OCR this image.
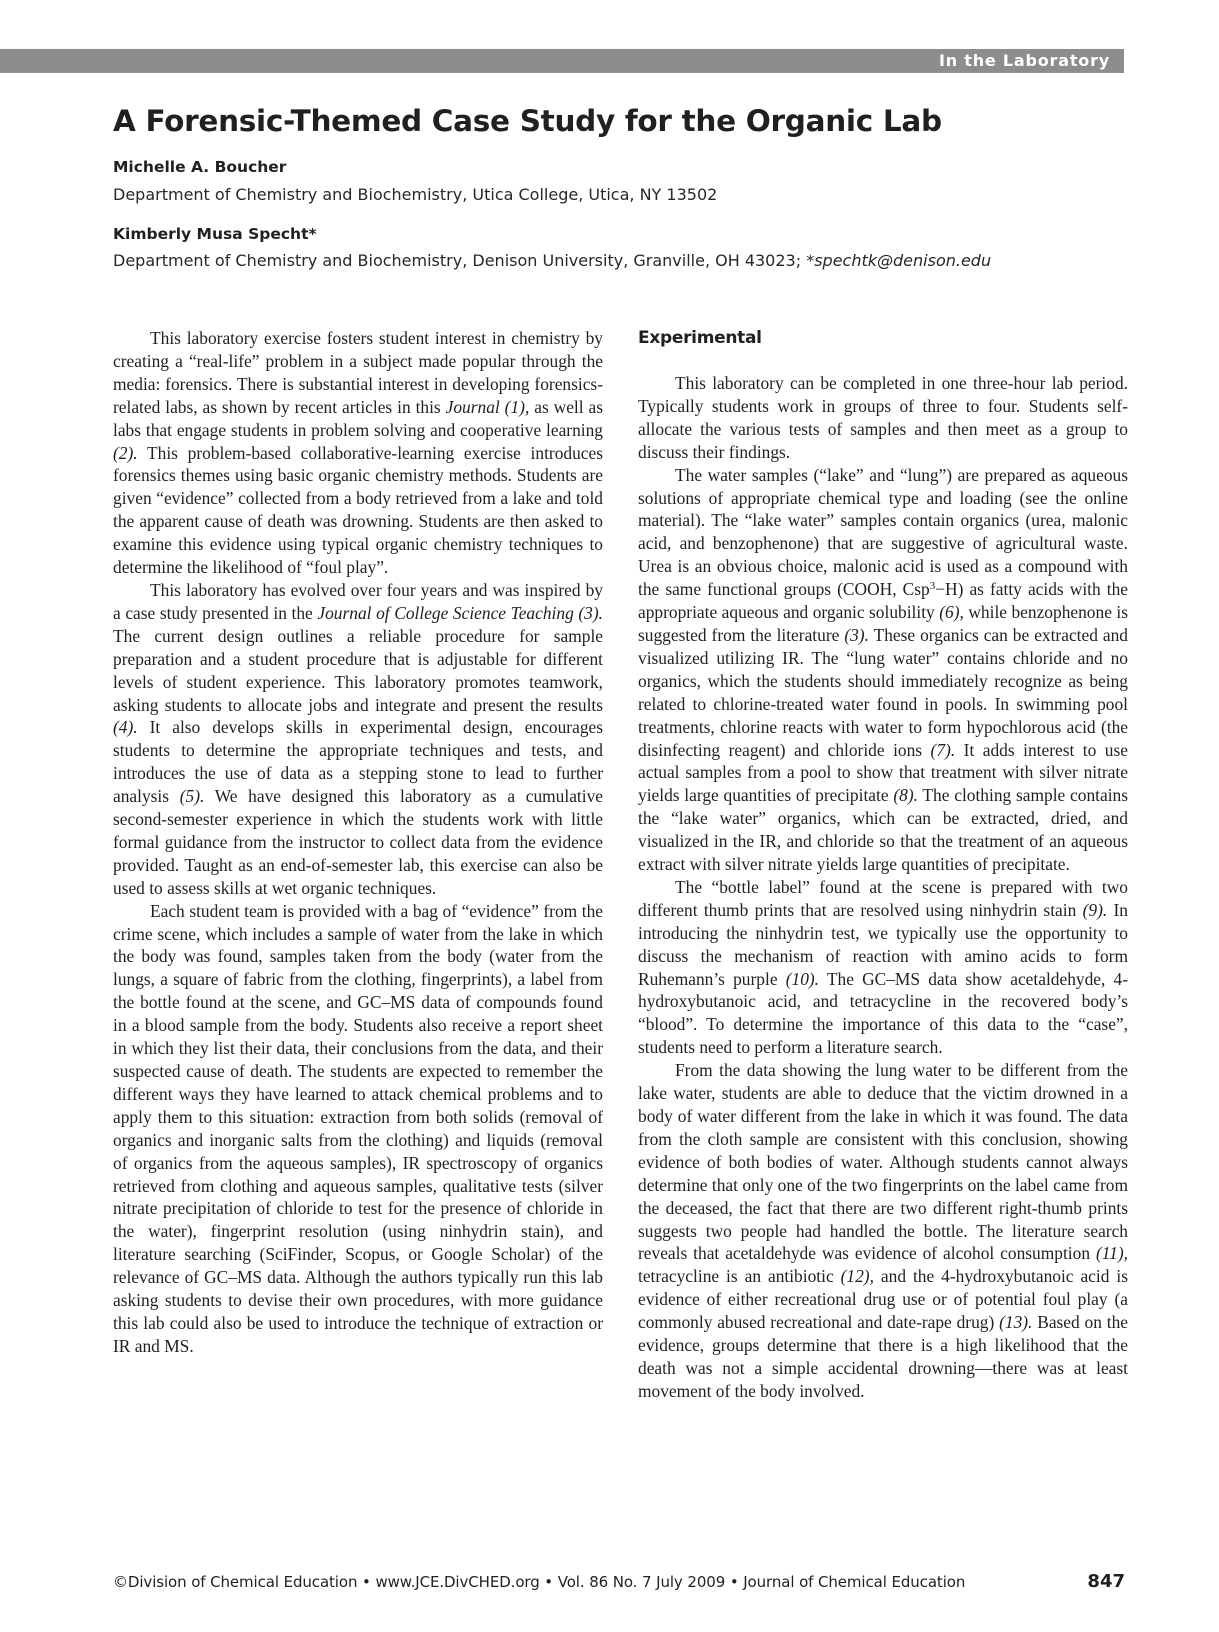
In the Laboratory
A Forensic-Themed Case Study for the Organic Lab
Michelle A. Boucher
Department of Chemistry and Biochemistry, Utica College, Utica, NY 13502
Kimberly Musa Specht*
Department of Chemistry and Biochemistry, Denison University, Granville, OH 43023; *spechtk@denison.edu

This laboratory exercise fosters student interest in chemistry by creating a “real-life” problem in a subject made popular through the media: forensics. There is substantial interest in developing forensics-related labs, as shown by recent articles in this Journal (1), as well as labs that engage students in problem solving and cooperative learning (2). This problem-based collaborative-learning exercise introduces forensics themes using basic organic chemistry methods. Students are given “evidence” collected from a body retrieved from a lake and told the apparent cause of death was drowning. Students are then asked to examine this evidence using typical organic chemistry techniques to determine the likelihood of “foul play”.

This laboratory has evolved over four years and was inspired by a case study presented in the Journal of College Science Teaching (3). The current design outlines a reliable procedure for sample preparation and a student procedure that is adjustable for different levels of student experience. This laboratory promotes teamwork, asking students to allocate jobs and integrate and present the results (4). It also develops skills in experimental design, encourages students to determine the appropriate techniques and tests, and introduces the use of data as a stepping stone to lead to further analysis (5). We have designed this laboratory as a cumulative second-semester experience in which the students work with little formal guidance from the instructor to collect data from the evidence provided. Taught as an end-of-semester lab, this exercise can also be used to assess skills at wet organic techniques.

Each student team is provided with a bag of “evidence” from the crime scene, which includes a sample of water from the lake in which the body was found, samples taken from the body (water from the lungs, a square of fabric from the clothing, fingerprints), a label from the bottle found at the scene, and GC–MS data of compounds found in a blood sample from the body. Students also receive a report sheet in which they list their data, their conclusions from the data, and their suspected cause of death. The students are expected to remember the different ways they have learned to attack chemical problems and to apply them to this situation: extraction from both solids (removal of organics and inorganic salts from the clothing) and liquids (removal of organics from the aqueous samples), IR spectroscopy of organics retrieved from clothing and aqueous samples, qualitative tests (silver nitrate precipitation of chloride to test for the presence of chloride in the water), fingerprint resolution (using ninhydrin stain), and literature searching (SciFinder, Scopus, or Google Scholar) of the relevance of GC–MS data. Although the authors typically run this lab asking students to devise their own procedures, with more guidance this lab could also be used to introduce the technique of extraction or IR and MS.

Experimental

This laboratory can be completed in one three-hour lab period. Typically students work in groups of three to four. Students self-allocate the various tests of samples and then meet as a group to discuss their findings.

The water samples (“lake” and “lung”) are prepared as aqueous solutions of appropriate chemical type and loading (see the online material). The “lake water” samples contain organics (urea, malonic acid, and benzophenone) that are suggestive of agricultural waste. Urea is an obvious choice, malonic acid is used as a compound with the same functional groups (COOH, Csp$^3$−H) as fatty acids with the appropriate aqueous and organic solubility (6), while benzophenone is suggested from the literature (3). These organics can be extracted and visualized utilizing IR. The “lung water” contains chloride and no organics, which the students should immediately recognize as being related to chlorine-treated water found in pools. In swimming pool treatments, chlorine reacts with water to form hypochlorous acid (the disinfecting reagent) and chloride ions (7). It adds interest to use actual samples from a pool to show that treatment with silver nitrate yields large quantities of precipitate (8). The clothing sample contains the “lake water” organics, which can be extracted, dried, and visualized in the IR, and chloride so that the treatment of an aqueous extract with silver nitrate yields large quantities of precipitate.

The “bottle label” found at the scene is prepared with two different thumb prints that are resolved using ninhydrin stain (9). In introducing the ninhydrin test, we typically use the opportunity to discuss the mechanism of reaction with amino acids to form Ruhemann’s purple (10). The GC–MS data show acetaldehyde, 4-hydroxybutanoic acid, and tetracycline in the recovered body’s “blood”. To determine the importance of this data to the “case”, students need to perform a literature search.

From the data showing the lung water to be different from the lake water, students are able to deduce that the victim drowned in a body of water different from the lake in which it was found. The data from the cloth sample are consistent with this conclusion, showing evidence of both bodies of water. Although students cannot always determine that only one of the two fingerprints on the label came from the deceased, the fact that there are two different right-thumb prints suggests two people had handled the bottle. The literature search reveals that acetaldehyde was evidence of alcohol consumption (11), tetracycline is an antibiotic (12), and the 4-hydroxybutanoic acid is evidence of either recreational drug use or of potential foul play (a commonly abused recreational and date-rape drug) (13). Based on the evidence, groups determine that there is a high likelihood that the death was not a simple accidental drowning—there was at least movement of the body involved.

©Division of Chemical Education • www.JCE.DivCHED.org • Vol. 86 No. 7 July 2009 • Journal of Chemical Education	847
